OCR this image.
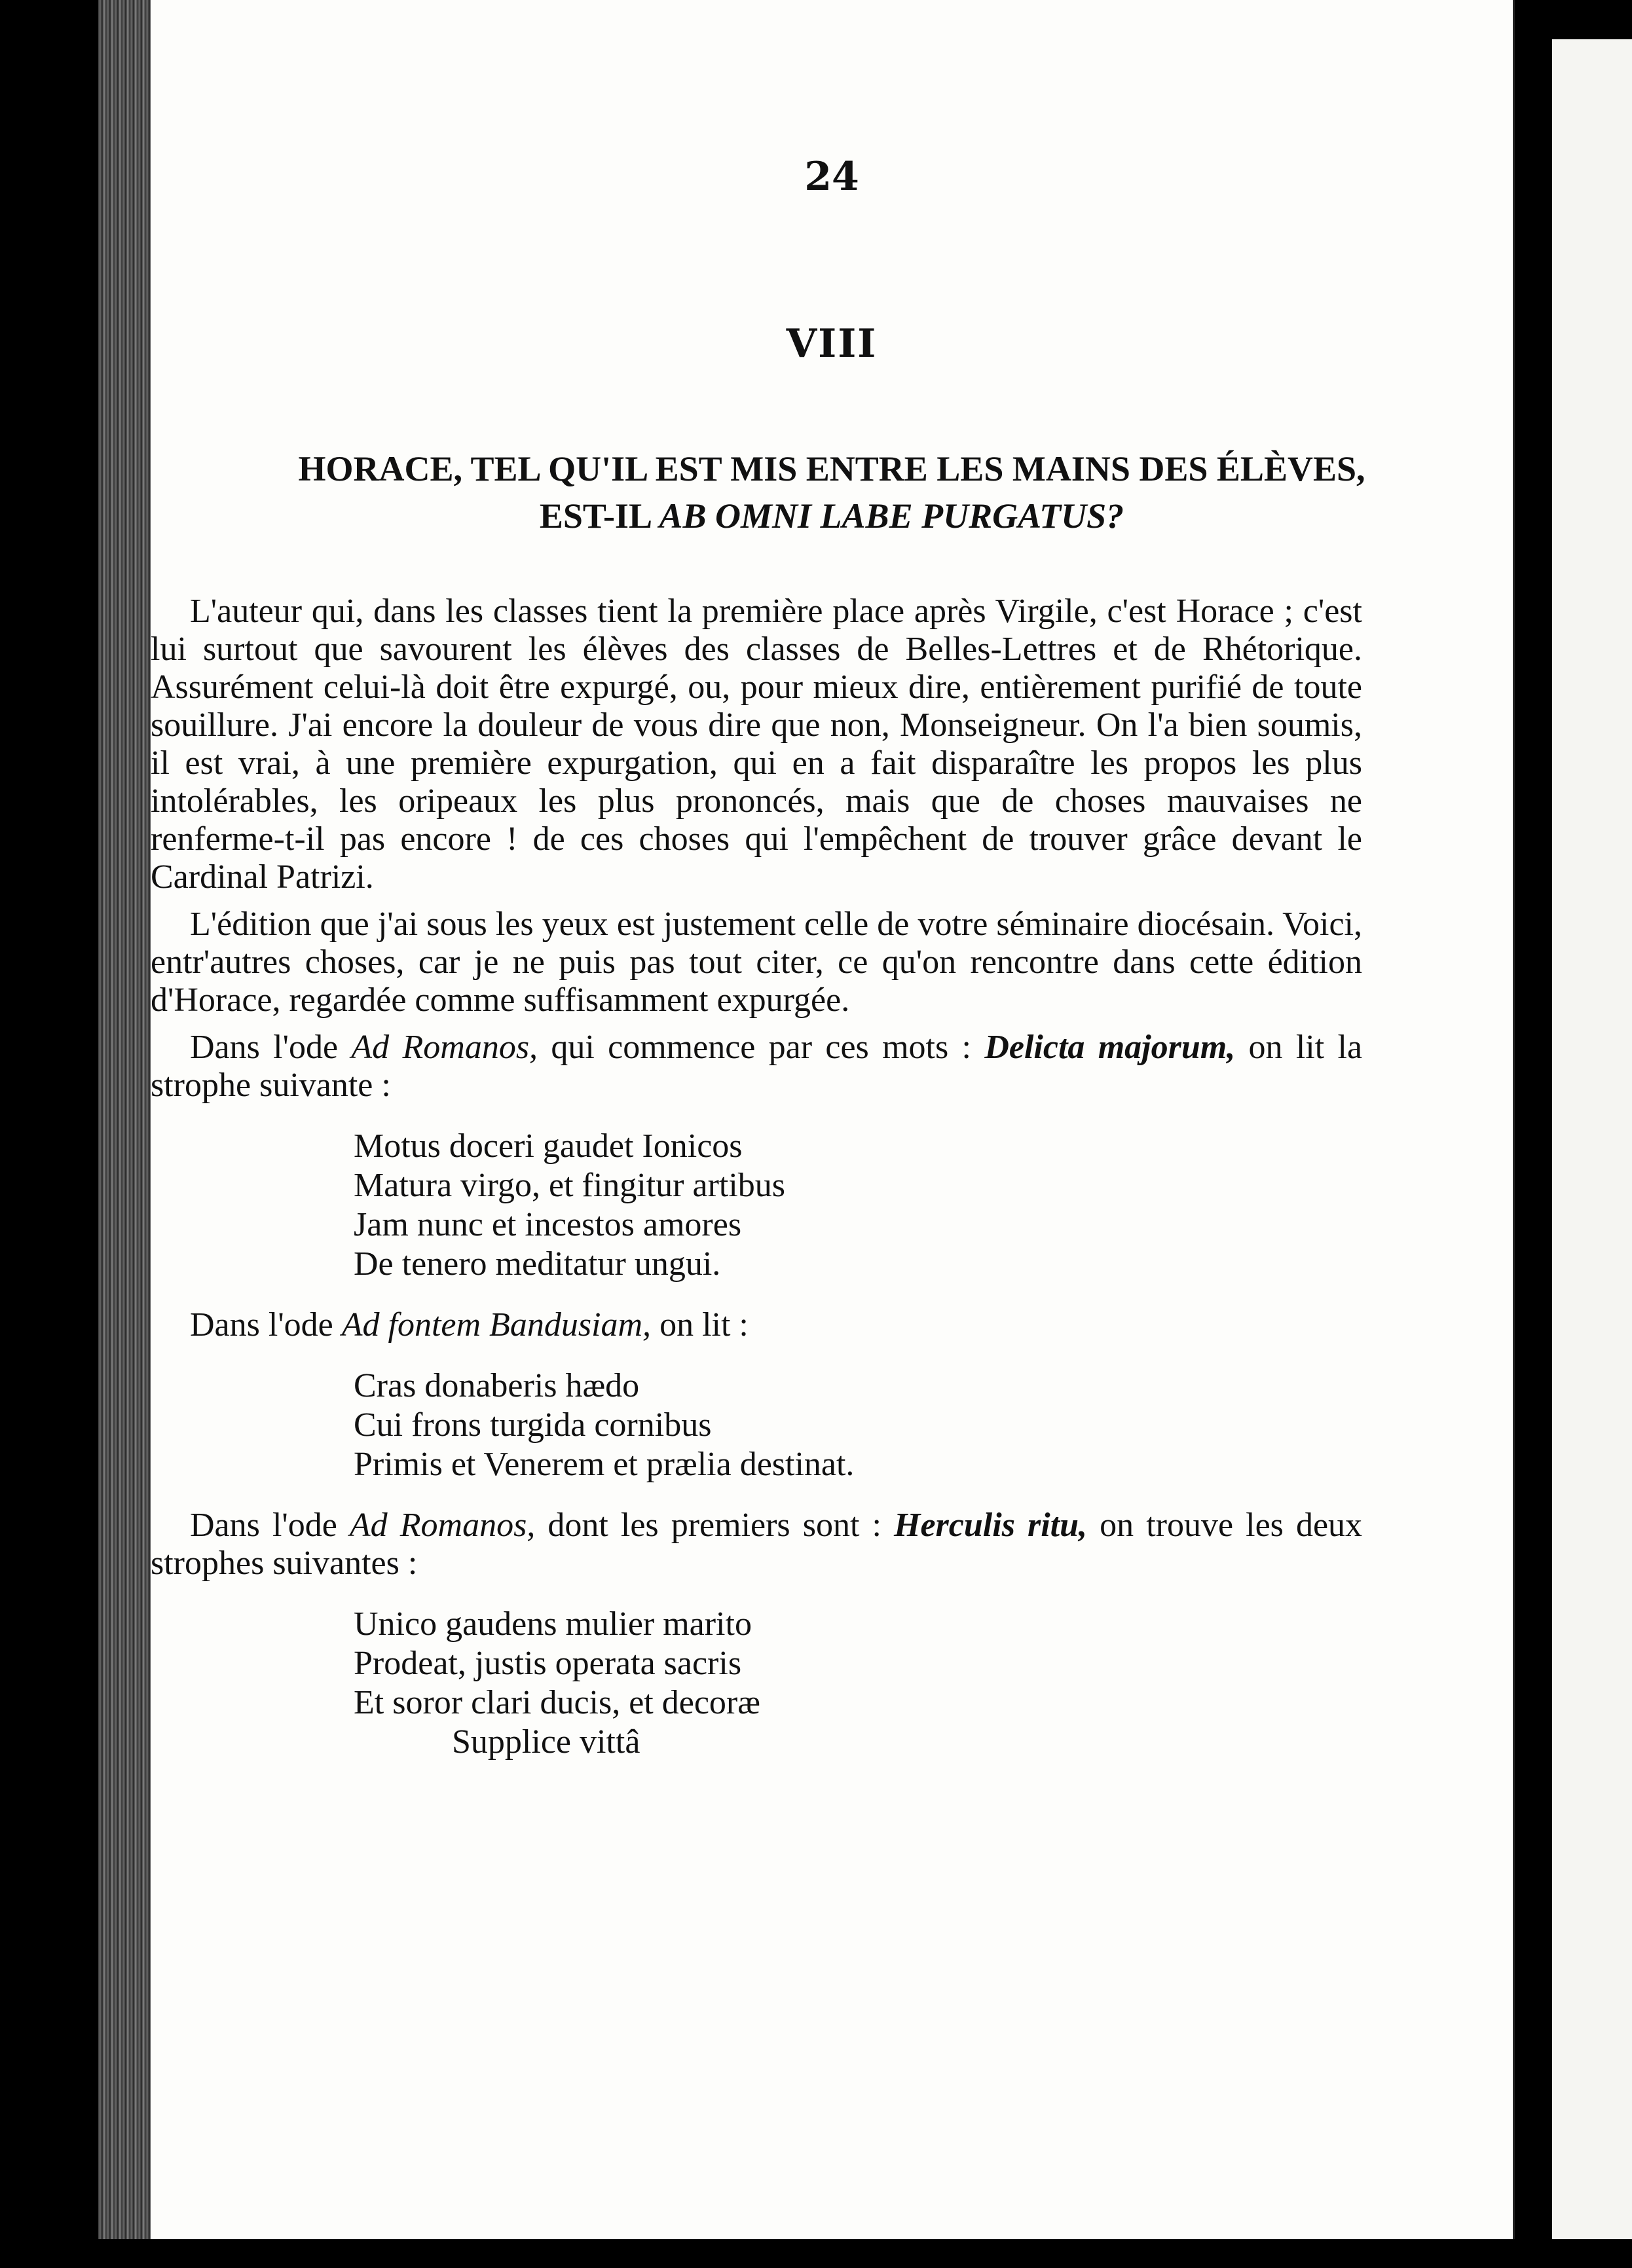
24
VIII
HORACE, TEL QU'IL EST MIS ENTRE LES MAINS DES ÉLÈVES,
EST-IL AB OMNI LABE PURGATUS?

L'auteur qui, dans les classes tient la première place après Virgile, c'est Horace ; c'est lui surtout que savourent les élèves des classes de Belles-Lettres et de Rhétorique. Assurément celui-là doit être expurgé, ou, pour mieux dire, entièrement purifié de toute souillure. J'ai encore la douleur de vous dire que non, Monseigneur. On l'a bien soumis, il est vrai, à une première expurgation, qui en a fait disparaître les propos les plus intolérables, les oripeaux les plus prononcés, mais que de choses mauvaises ne renferme-t-il pas encore ! de ces choses qui l'empêchent de trouver grâce devant le Cardinal Patrizi.

L'édition que j'ai sous les yeux est justement celle de votre séminaire diocésain. Voici, entr'autres choses, car je ne puis pas tout citer, ce qu'on rencontre dans cette édition d'Horace, regardée comme suffisamment expurgée.

Dans l'ode Ad Romanos, qui commence par ces mots : Delicta majorum, on lit la strophe suivante :

Motus doceri gaudet Ionicos
Matura virgo, et fingitur artibus
Jam nunc et incestos amores
De tenero meditatur ungui.

Dans l'ode Ad fontem Bandusiam, on lit :

Cras donaberis hædo
Cui frons turgida cornibus
Primis et Venerem et prælia destinat.

Dans l'ode Ad Romanos, dont les premiers sont : Herculis ritu, on trouve les deux strophes suivantes :

Unico gaudens mulier marito
Prodeat, justis operata sacris
Et soror clari ducis, et decoræ
Supplice vittâ
